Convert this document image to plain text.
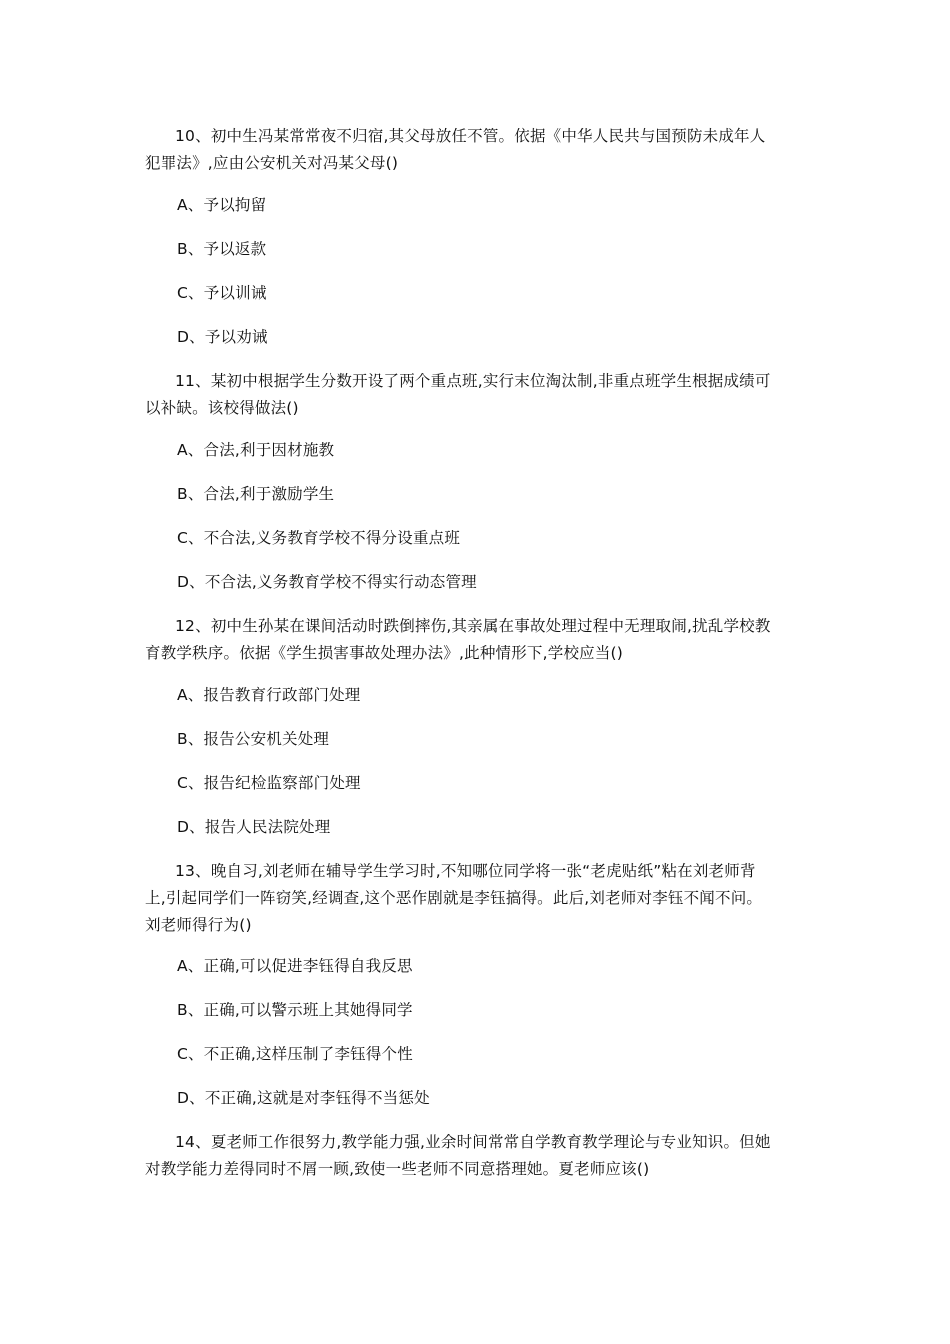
10、初中生冯某常常夜不归宿,其父母放任不管。依据《中华人民共与国预防未成年人
犯罪法》,应由公安机关对冯某父母()
A、予以拘留
B、予以返款
C、予以训诫
D、予以劝诫
11、某初中根据学生分数开设了两个重点班,实行末位淘汰制,非重点班学生根据成绩可
以补缺。该校得做法()
A、合法,利于因材施教
B、合法,利于激励学生
C、不合法,义务教育学校不得分设重点班
D、不合法,义务教育学校不得实行动态管理
12、初中生孙某在课间活动时跌倒摔伤,其亲属在事故处理过程中无理取闹,扰乱学校教
育教学秩序。依据《学生损害事故处理办法》,此种情形下,学校应当()
A、报告教育行政部门处理
B、报告公安机关处理
C、报告纪检监察部门处理
D、报告人民法院处理
13、晚自习,刘老师在辅导学生学习时,不知哪位同学将一张“老虎贴纸”粘在刘老师背
上,引起同学们一阵窃笑,经调查,这个恶作剧就是李钰搞得。此后,刘老师对李钰不闻不问。
刘老师得行为()
A、正确,可以促进李钰得自我反思
B、正确,可以警示班上其她得同学
C、不正确,这样压制了李钰得个性
D、不正确,这就是对李钰得不当惩处
14、夏老师工作很努力,教学能力强,业余时间常常自学教育教学理论与专业知识。但她
对教学能力差得同时不屑一顾,致使一些老师不同意搭理她。夏老师应该()
